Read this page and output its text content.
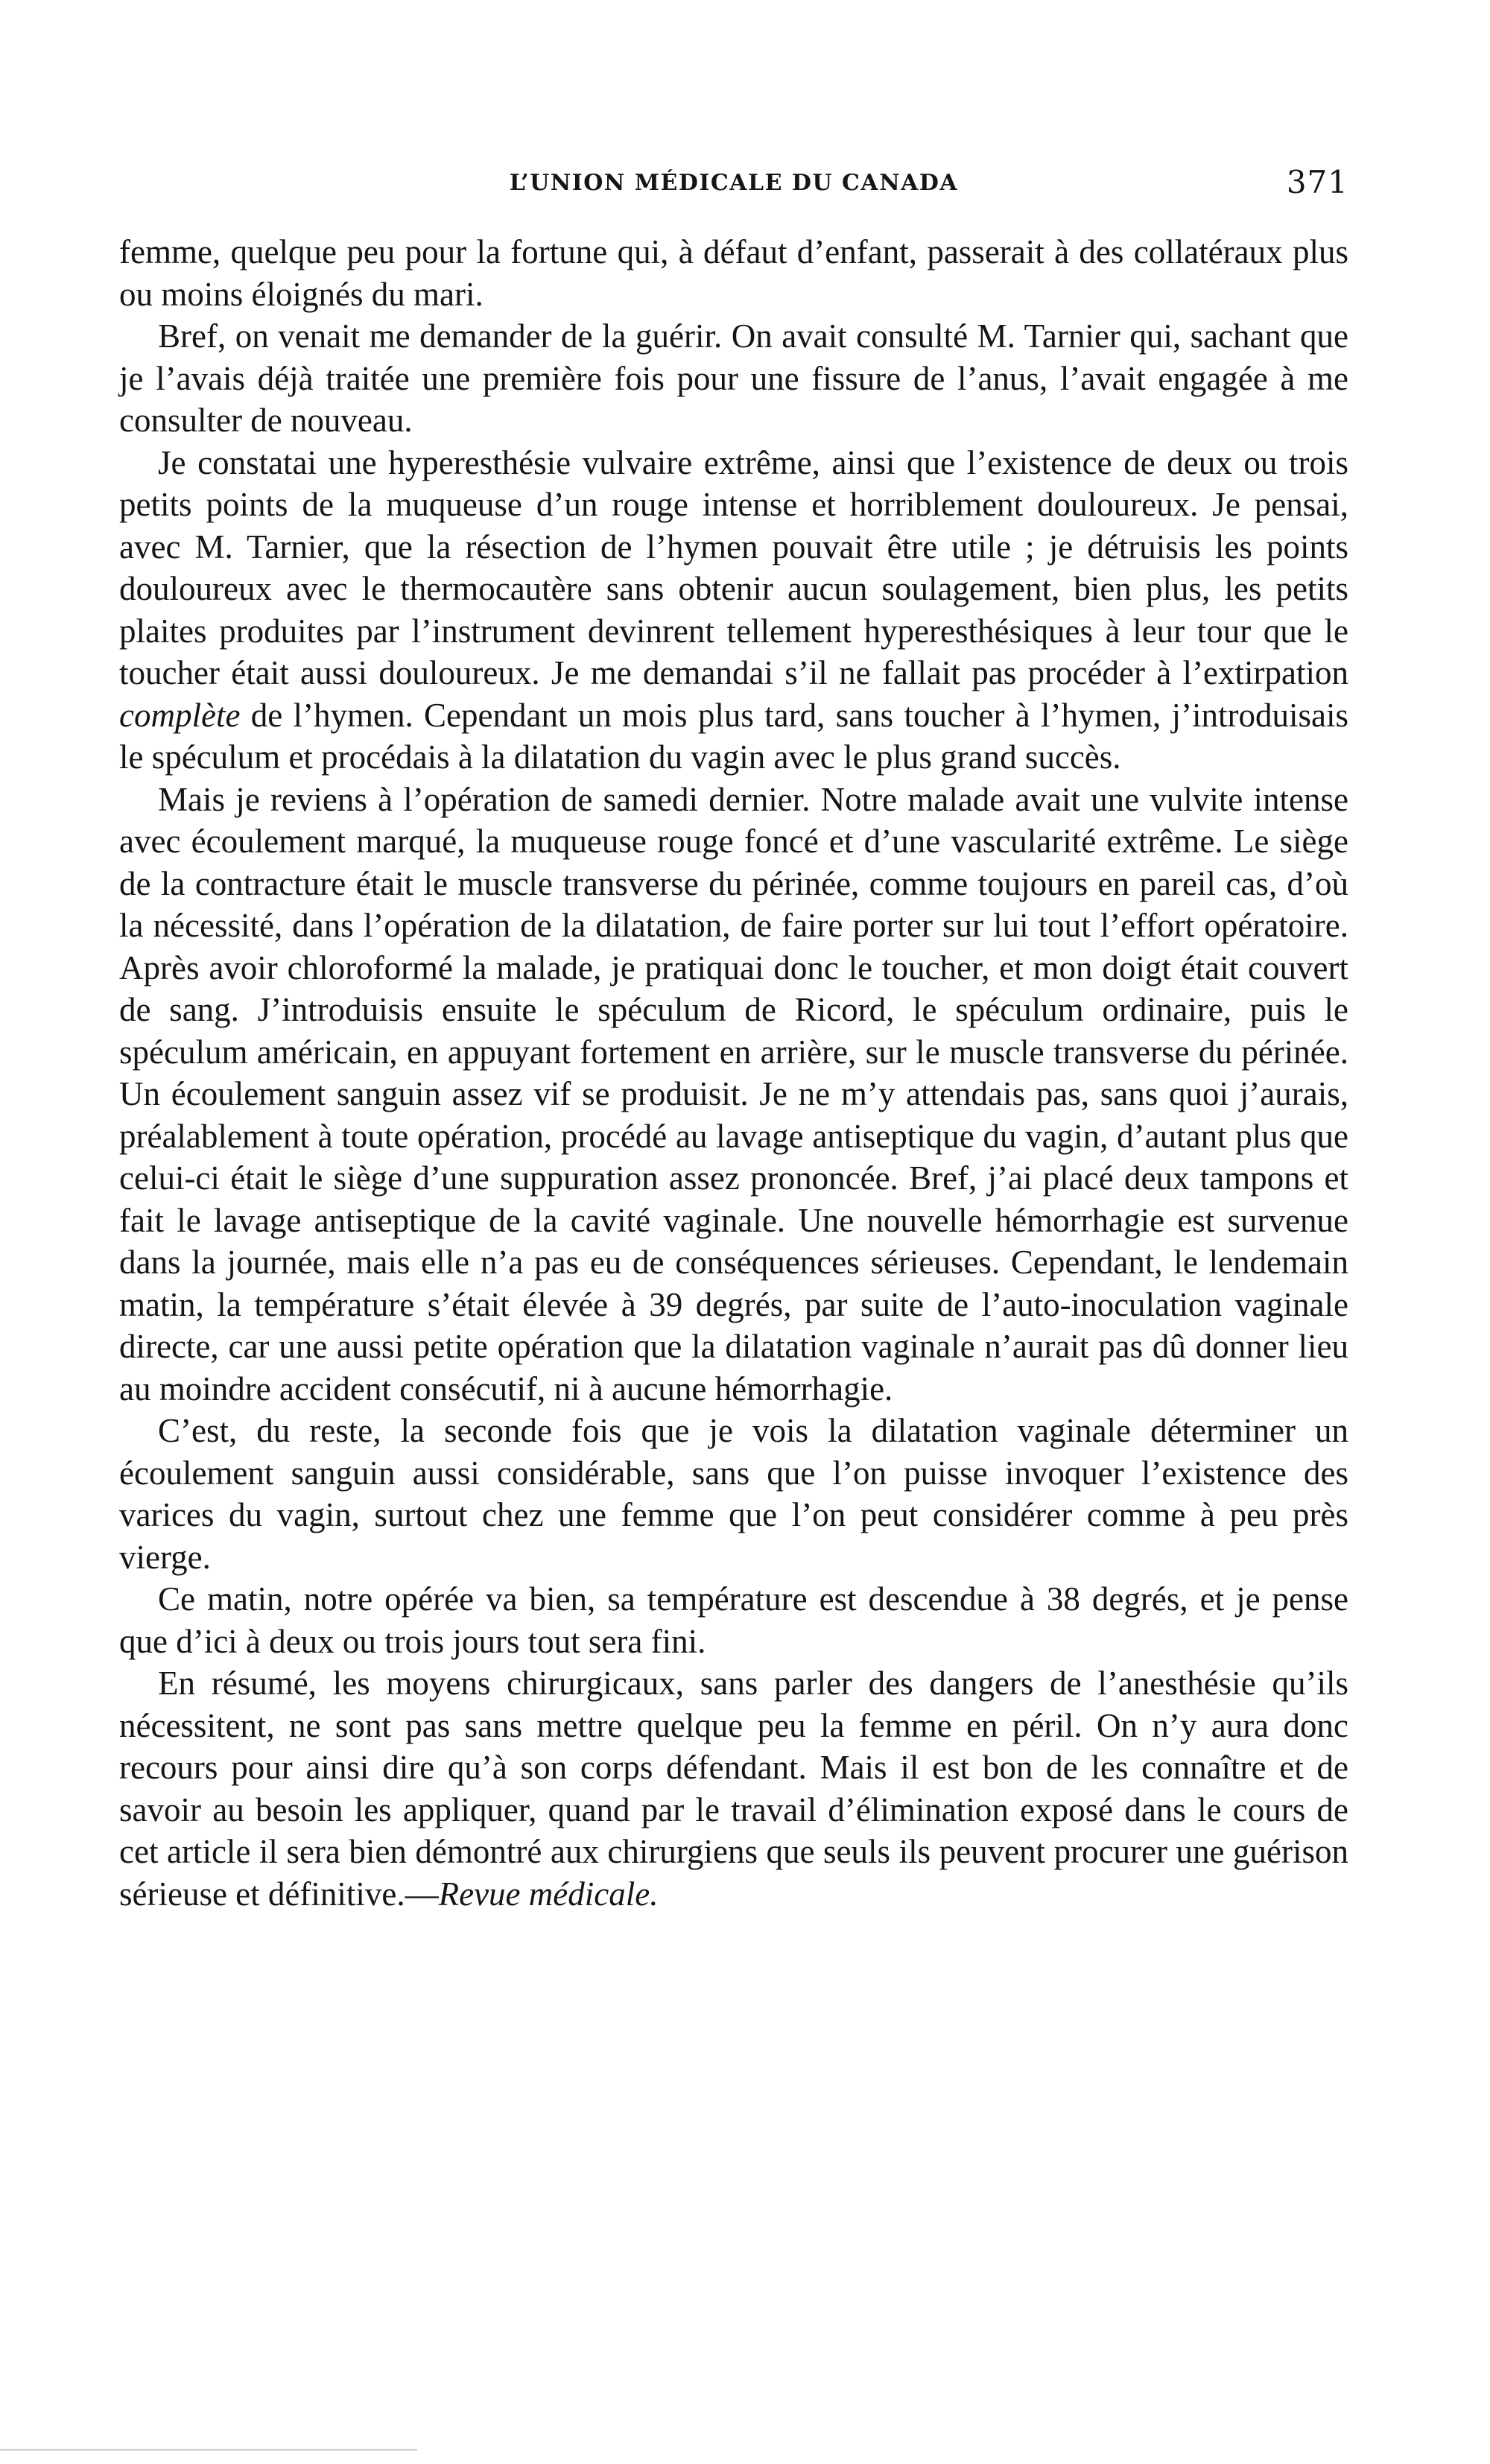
L’UNION MÉDICALE DU CANADA	371

femme, quelque peu pour la fortune qui, à défaut d’enfant, passerait à des collatéraux plus ou moins éloignés du mari.

Bref, on venait me demander de la guérir. On avait consulté M. Tarnier qui, sachant que je l’avais déjà traitée une première fois pour une fissure de l’anus, l’avait engagée à me consulter de nouveau.

Je constatai une hyperesthésie vulvaire extrême, ainsi que l’existence de deux ou trois petits points de la muqueuse d’un rouge intense et horriblement douloureux. Je pensai, avec M. Tarnier, que la résection de l’hymen pouvait être utile ; je détruisis les points douloureux avec le thermocautère sans obtenir aucun soulagement, bien plus, les petits plaites produites par l’instrument devinrent tellement hyperesthésiques à leur tour que le toucher était aussi douloureux. Je me demandai s’il ne fallait pas procéder à l’extirpation complète de l’hymen. Cependant un mois plus tard, sans toucher à l’hymen, j’introduisais le spéculum et procédais à la dilatation du vagin avec le plus grand succès.

Mais je reviens à l’opération de samedi dernier. Notre malade avait une vulvite intense avec écoulement marqué, la muqueuse rouge foncé et d’une vascularité extrême. Le siège de la contracture était le muscle transverse du périnée, comme toujours en pareil cas, d’où la nécessité, dans l’opération de la dilatation, de faire porter sur lui tout l’effort opératoire. Après avoir chloroformé la malade, je pratiquai donc le toucher, et mon doigt était couvert de sang. J’introduisis ensuite le spéculum de Ricord, le spéculum ordinaire, puis le spéculum américain, en appuyant fortement en arrière, sur le muscle transverse du périnée. Un écoulement sanguin assez vif se produisit. Je ne m’y attendais pas, sans quoi j’aurais, préalablement à toute opération, procédé au lavage antiseptique du vagin, d’autant plus que celui-ci était le siège d’une suppuration assez prononcée. Bref, j’ai placé deux tampons et fait le lavage antiseptique de la cavité vaginale. Une nouvelle hémorrhagie est survenue dans la journée, mais elle n’a pas eu de conséquences sérieuses. Cependant, le lendemain matin, la température s’était élevée à 39 degrés, par suite de l’auto-inoculation vaginale directe, car une aussi petite opération que la dilatation vaginale n’aurait pas dû donner lieu au moindre accident consécutif, ni à aucune hémorrhagie.

C’est, du reste, la seconde fois que je vois la dilatation vaginale déterminer un écoulement sanguin aussi considérable, sans que l’on puisse invoquer l’existence des varices du vagin, surtout chez une femme que l’on peut considérer comme à peu près vierge.

Ce matin, notre opérée va bien, sa température est descendue à 38 degrés, et je pense que d’ici à deux ou trois jours tout sera fini.

En résumé, les moyens chirurgicaux, sans parler des dangers de l’anesthésie qu’ils nécessitent, ne sont pas sans mettre quelque peu la femme en péril. On n’y aura donc recours pour ainsi dire qu’à son corps défendant. Mais il est bon de les connaître et de savoir au besoin les appliquer, quand par le travail d’élimination exposé dans le cours de cet article il sera bien démontré aux chirurgiens que seuls ils peuvent procurer une guérison sérieuse et définitive.—Revue médicale.
